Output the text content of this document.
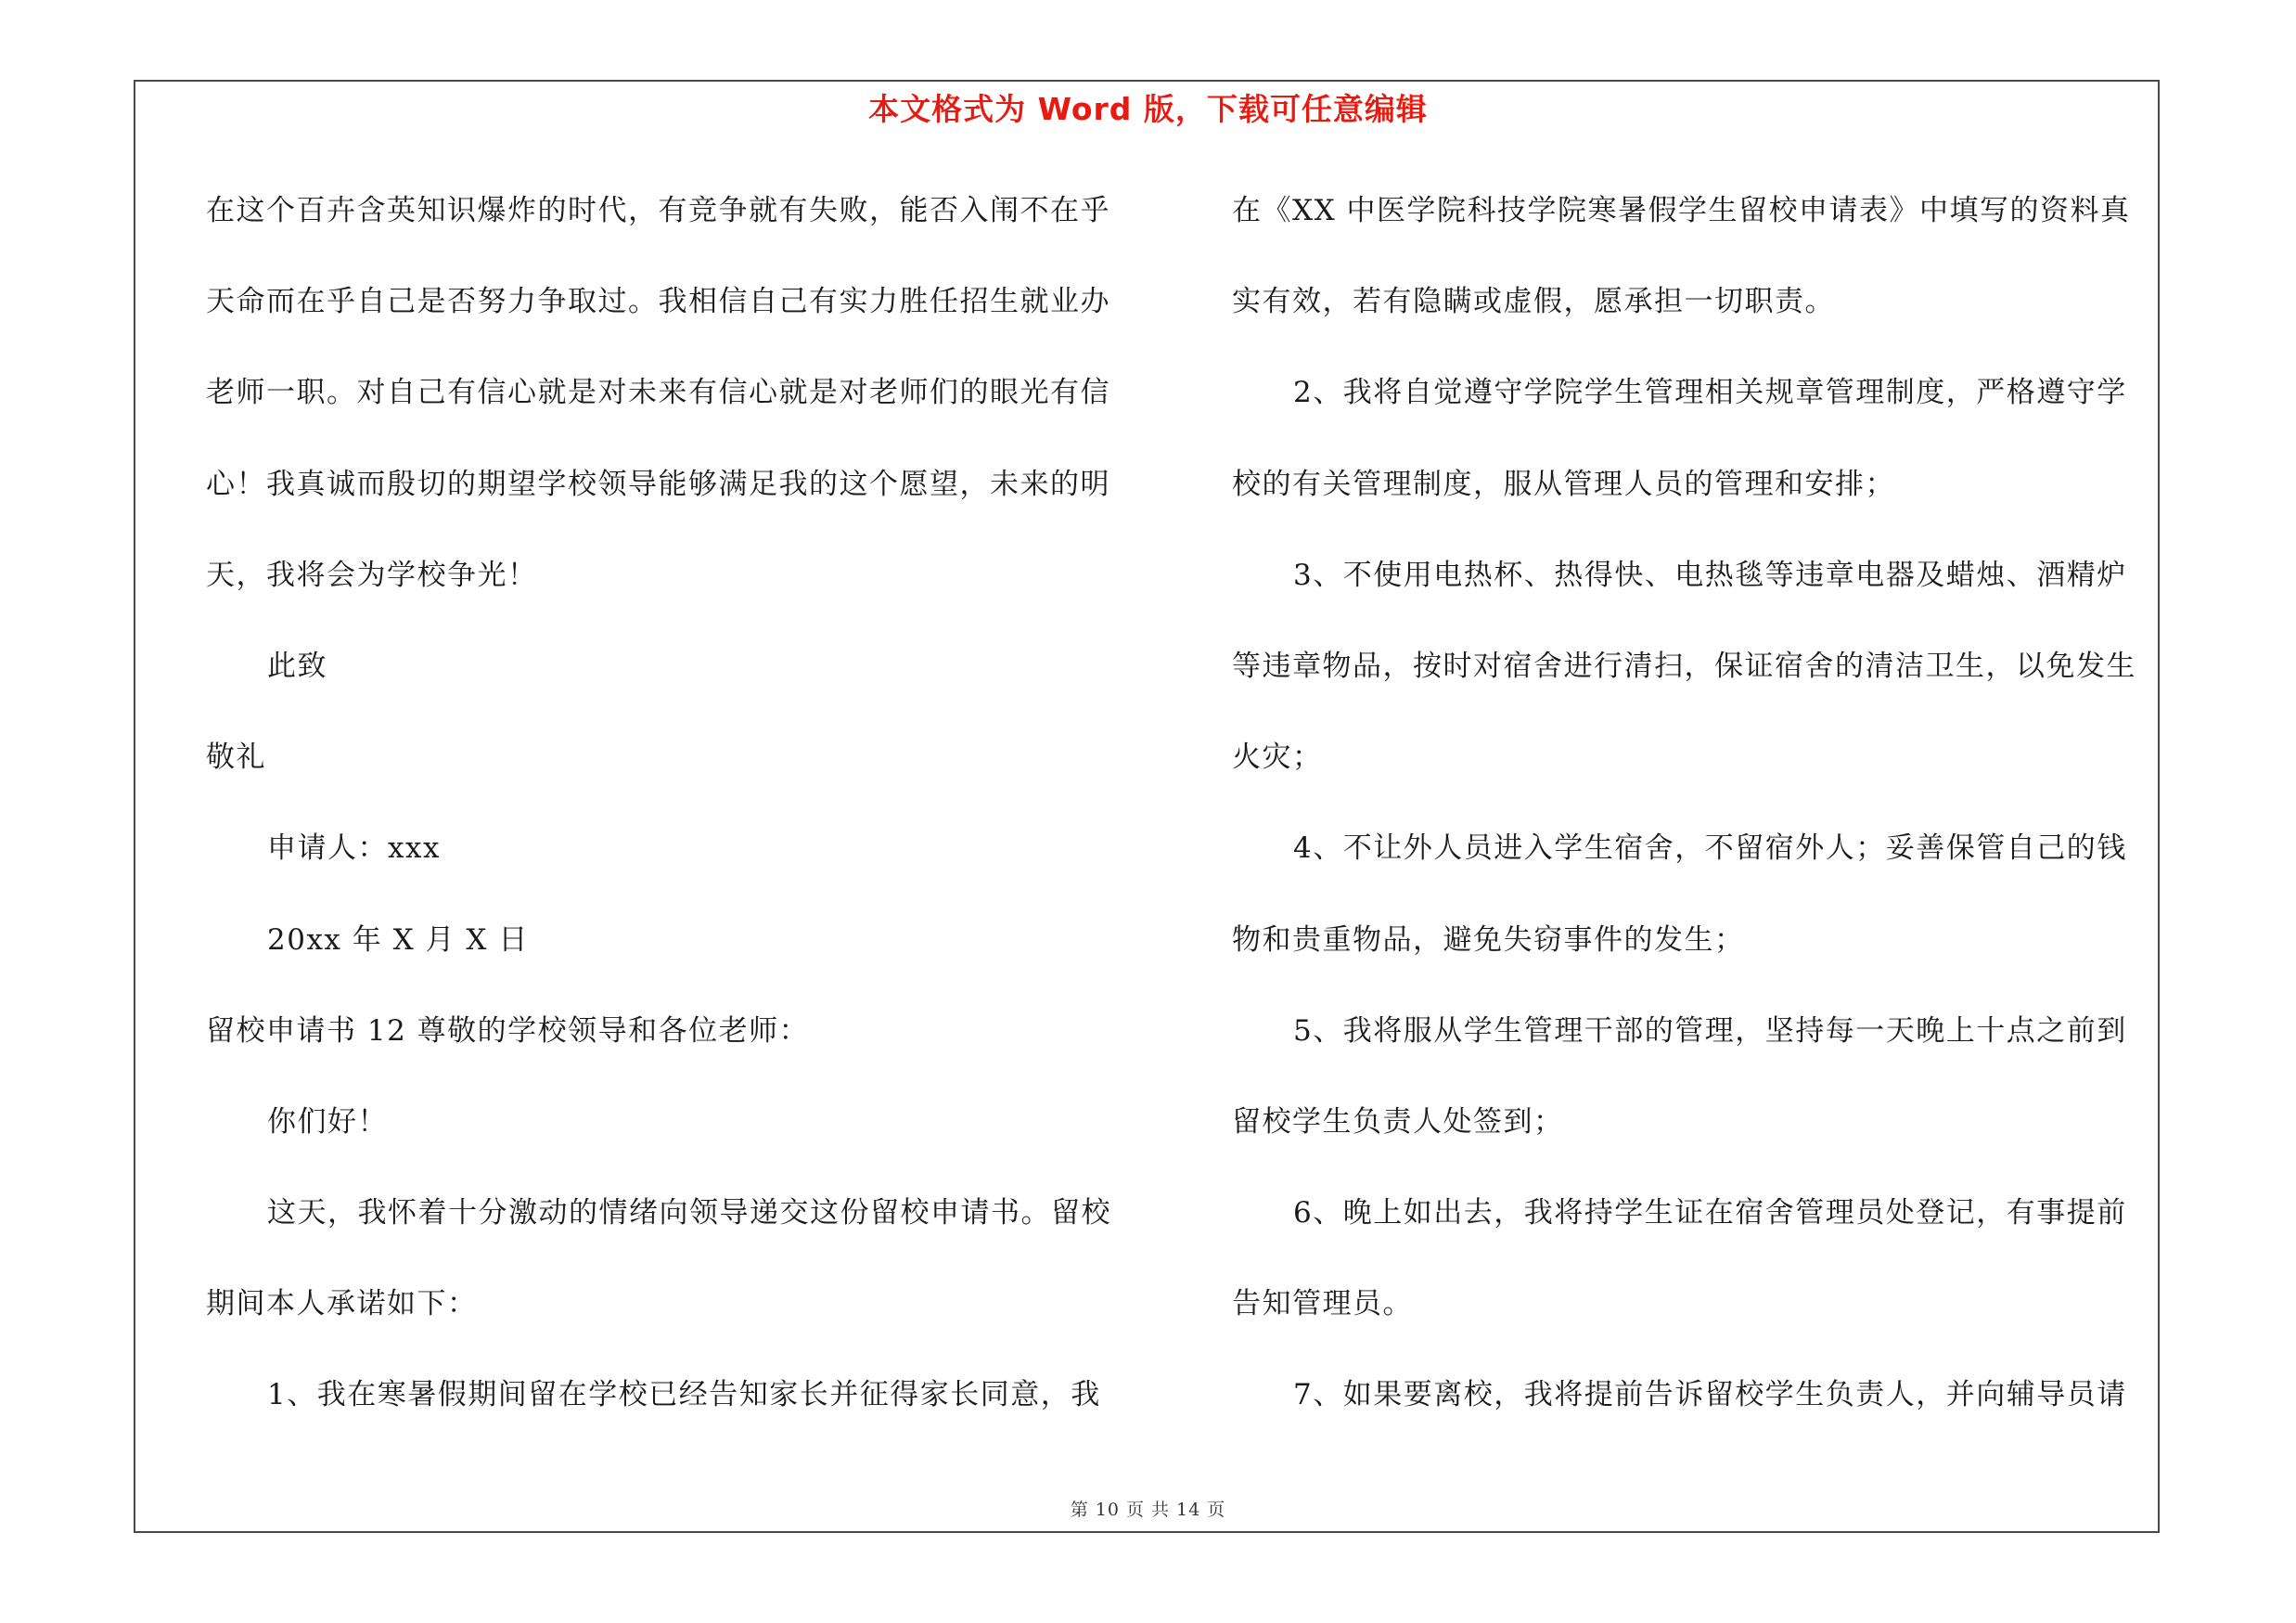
本文格式为 Word 版，下载可任意编辑
在这个百卉含英知识爆炸的时代，有竞争就有失败，能否入闱不在乎
天命而在乎自己是否努力争取过。我相信自己有实力胜任招生就业办
老师一职。对自己有信心就是对未来有信心就是对老师们的眼光有信
心！我真诚而殷切的期望学校领导能够满足我的这个愿望，未来的明
天，我将会为学校争光！
此致
敬礼
申请人：xxx
20xx 年 X 月 X 日
留校申请书 12 尊敬的学校领导和各位老师：
你们好！
这天，我怀着十分激动的情绪向领导递交这份留校申请书。留校
期间本人承诺如下：
1、我在寒暑假期间留在学校已经告知家长并征得家长同意，我
在《XX 中医学院科技学院寒暑假学生留校申请表》中填写的资料真
实有效，若有隐瞒或虚假，愿承担一切职责。
2、我将自觉遵守学院学生管理相关规章管理制度，严格遵守学
校的有关管理制度，服从管理人员的管理和安排；
3、不使用电热杯、热得快、电热毯等违章电器及蜡烛、酒精炉
等违章物品，按时对宿舍进行清扫，保证宿舍的清洁卫生，以免发生
火灾；
4、不让外人员进入学生宿舍，不留宿外人；妥善保管自己的钱
物和贵重物品，避免失窃事件的发生；
5、我将服从学生管理干部的管理，坚持每一天晚上十点之前到
留校学生负责人处签到；
6、晚上如出去，我将持学生证在宿舍管理员处登记，有事提前
告知管理员。
7、如果要离校，我将提前告诉留校学生负责人，并向辅导员请
第 10 页 共 14 页
